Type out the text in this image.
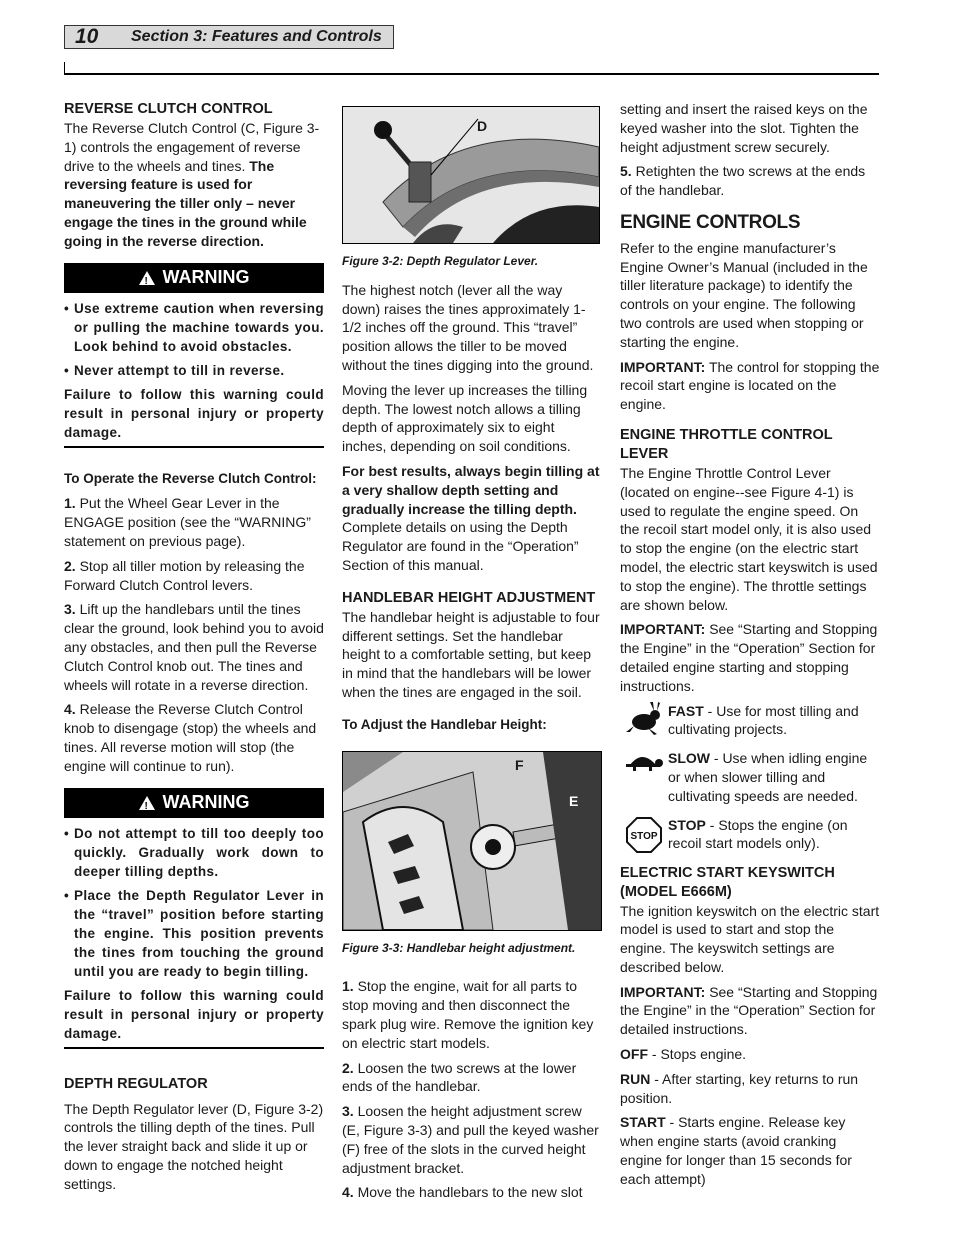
10	Section 3: Features and Controls
REVERSE CLUTCH CONTROL

The Reverse Clutch Control (C, Figure 3-1) controls the engagement of reverse drive to the wheels and tines. The reversing feature is used for maneuvering the tiller only – never engage the tines in the ground while going in the reverse direction.

! WARNING
• Use extreme caution when reversing or pulling the machine towards you. Look behind to avoid obstacles.
• Never attempt to till in reverse.
Failure to follow this warning could result in personal injury or property damage.

To Operate the Reverse Clutch Control:

1. Put the Wheel Gear Lever in the ENGAGE position (see the “WARNING” statement on previous page).

2. Stop all tiller motion by releasing the Forward Clutch Control levers.

3. Lift up the handlebars until the tines clear the ground, look behind you to avoid any obstacles, and then pull the Reverse Clutch Control knob out. The tines and wheels will rotate in a reverse direction.

4. Release the Reverse Clutch Control knob to disengage (stop) the wheels and tines. All reverse motion will stop (the engine will continue to run).

! WARNING
• Do not attempt to till too deeply too quickly. Gradually work down to deeper tilling depths.
• Place the Depth Regulator Lever in the “travel” position before starting the engine. This position prevents the tines from touching the ground until you are ready to begin tilling.
Failure to follow this warning could result in personal injury or property damage.
DEPTH REGULATOR

The Depth Regulator lever (D, Figure 3-2) controls the tilling depth of the tines. Pull the lever straight back and slide it up or down to engage the notched height settings.

D
Figure 3-2: Depth Regulator Lever.

The highest notch (lever all the way down) raises the tines approximately 1-1/2 inches off the ground. This “travel” position allows the tiller to be moved without the tines digging into the ground.

Moving the lever up increases the tilling depth. The lowest notch allows a tilling depth of approximately six to eight inches, depending on soil conditions.

For best results, always begin tilling at a very shallow depth setting and gradually increase the tilling depth. Complete details on using the Depth Regulator are found in the “Operation” Section of this manual.

HANDLEBAR HEIGHT ADJUSTMENT

The handlebar height is adjustable to four different settings. Set the handlebar height to a comfortable setting, but keep in mind that the handlebars will be lower when the tines are engaged in the soil.

To Adjust the Handlebar Height:

F
E
Figure 3-3: Handlebar height adjustment.

1. Stop the engine, wait for all parts to stop moving and then disconnect the spark plug wire. Remove the ignition key on electric start models.

2. Loosen the two screws at the lower ends of the handlebar.

3. Loosen the height adjustment screw (E, Figure 3-3) and pull the keyed washer (F) free of the slots in the curved height adjustment bracket.

4. Move the handlebars to the new slot

setting and insert the raised keys on the keyed washer into the slot. Tighten the height adjustment screw securely.

5. Retighten the two screws at the ends of the handlebar.

ENGINE CONTROLS

Refer to the engine manufacturer’s Engine Owner’s Manual (included in the tiller literature package) to identify the controls on your engine. The following two controls are used when stopping or starting the engine.

IMPORTANT: The control for stopping the recoil start engine is located on the engine.

ENGINE THROTTLE CONTROL LEVER

The Engine Throttle Control Lever (located on engine--see Figure 4-1) is used to regulate the engine speed. On the recoil start model only, it is also used to stop the engine (on the electric start model, the electric start keyswitch is used to stop the engine). The throttle settings are shown below.

IMPORTANT: See “Starting and Stopping the Engine” in the “Operation” Section for detailed engine starting and stopping instructions.

FAST - Use for most tilling and cultivating projects.
SLOW - Use when idling engine or when slower tilling and cultivating speeds are needed.
STOP
STOP - Stops the engine (on recoil start models only).
ELECTRIC START KEYSWITCH
(MODEL E666M)

The ignition keyswitch on the electric start model is used to start and stop the engine. The keyswitch settings are described below.

IMPORTANT: See “Starting and Stopping the Engine” in the “Operation” Section for detailed instructions.

OFF - Stops engine.

RUN - After starting, key returns to run position.

START - Starts engine. Release key when engine starts (avoid cranking engine for longer than 15 seconds for each attempt)
